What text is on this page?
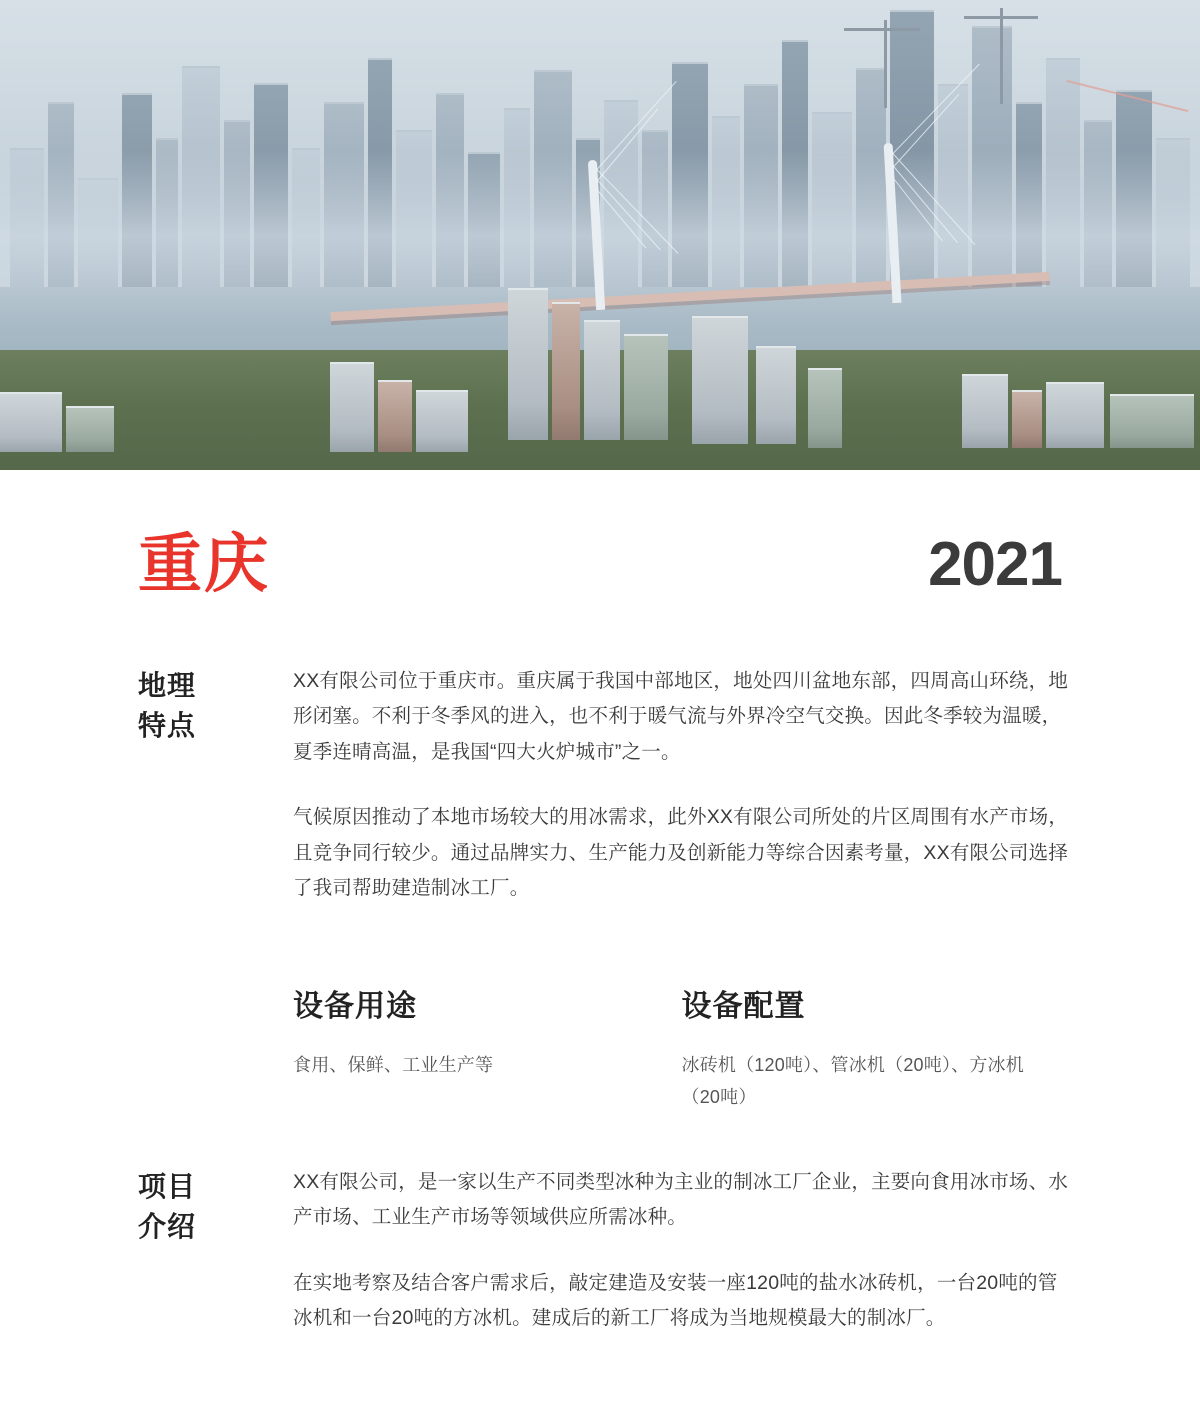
重庆	2021
地理
特点
XX有限公司位于重庆市。重庆属于我国中部地区，地处四川盆地东部，四周高山环绕，地形闭塞。不利于冬季风的进入，也不利于暖气流与外界冷空气交换。因此冬季较为温暖，夏季连晴高温，是我国“四大火炉城市”之一。
气候原因推动了本地市场较大的用冰需求，此外XX有限公司所处的片区周围有水产市场，且竞争同行较少。通过品牌实力、生产能力及创新能力等综合因素考量，XX有限公司选择了我司帮助建造制冰工厂。
设备用途
食用、保鲜、工业生产等
设备配置
冰砖机（120吨）、管冰机（20吨）、方冰机（20吨）
项目
介绍
XX有限公司，是一家以生产不同类型冰种为主业的制冰工厂企业，主要向食用冰市场、水产市场、工业生产市场等领域供应所需冰种。
在实地考察及结合客户需求后，敲定建造及安装一座120吨的盐水冰砖机，一台20吨的管冰机和一台20吨的方冰机。建成后的新工厂将成为当地规模最大的制冰厂。
